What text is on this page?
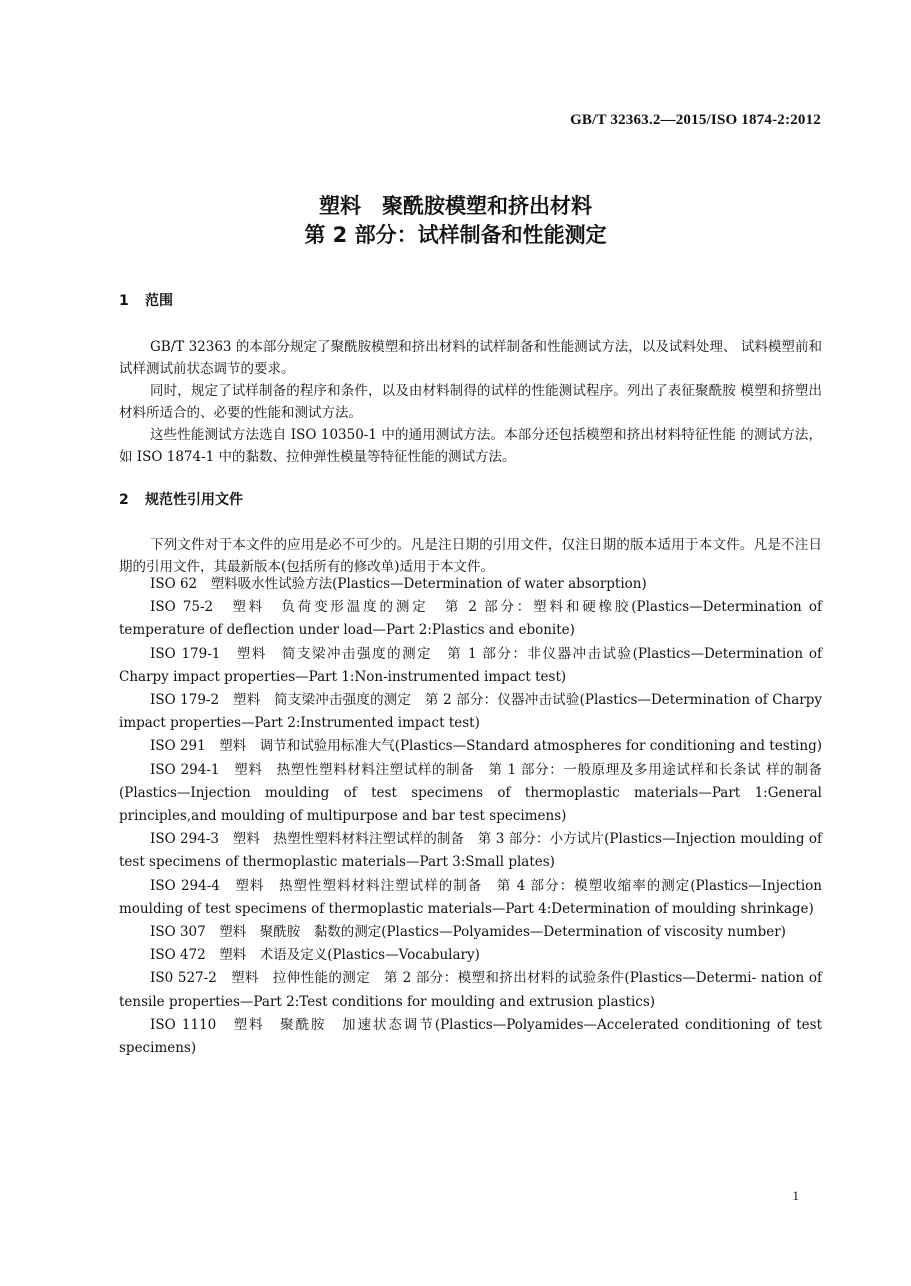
GB/T 32363.2—2015/ISO 1874-2:2012
塑料　聚酰胺模塑和挤出材料
第 2 部分：试样制备和性能测定
1 范围

GB/T 32363 的本部分规定了聚酰胺模塑和挤出材料的试样制备和性能测试方法，以及试料处理、 试料模塑前和试样测试前状态调节的要求。

同时，规定了试样制备的程序和条件，以及由材料制得的试样的性能测试程序。列出了表征聚酰胺 模塑和挤塑出材料所适合的、必要的性能和测试方法。

这些性能测试方法选自 ISO 10350-1 中的通用测试方法。本部分还包括模塑和挤出材料特征性能 的测试方法，如 ISO 1874-1 中的黏数、拉伸弹性模量等特征性能的测试方法。

2 规范性引用文件

下列文件对于本文件的应用是必不可少的。凡是注日期的引用文件，仅注日期的版本适用于本文件。凡是不注日期的引用文件，其最新版本(包括所有的修改单)适用于本文件。

ISO 62　塑料吸水性试验方法(Plastics—Determination of water absorption)

ISO 75-2　塑料　负荷变形温度的测定　第 2 部分：塑料和硬橡胶(Plastics—Determination of temperature of deflection under load—Part 2:Plastics and ebonite)

ISO 179-1　塑料　简支梁冲击强度的测定　第 1 部分：非仪器冲击试验(Plastics—Determination of Charpy impact properties—Part 1:Non-instrumented impact test)

ISO 179-2　塑料　简支梁冲击强度的测定　第 2 部分：仪器冲击试验(Plastics—Determination of Charpy impact properties—Part 2:Instrumented impact test)

ISO 291　塑料　调节和试验用标准大气(Plastics—Standard atmospheres for conditioning and testing)

ISO 294-1　塑料　热塑性塑料材料注塑试样的制备　第 1 部分：一般原理及多用途试样和长条试 样的制备(Plastics—Injection moulding of test specimens of thermoplastic materials—Part 1:General principles,and moulding of multipurpose and bar test specimens)

ISO 294-3　塑料　热塑性塑料材料注塑试样的制备　第 3 部分：小方试片(Plastics—Injection moulding of test specimens of thermoplastic materials—Part 3:Small plates)

ISO 294-4　塑料　热塑性塑料材料注塑试样的制备　第 4 部分：模塑收缩率的测定(Plastics—Injection moulding of test specimens of thermoplastic materials—Part 4:Determination of moulding shrinkage)

ISO 307　塑料　聚酰胺　黏数的测定(Plastics—Polyamides—Determination of viscosity number)

ISO 472　塑料　术语及定义(Plastics—Vocabulary)

IS0 527-2　塑料　拉伸性能的测定　第 2 部分：模塑和挤出材料的试验条件(Plastics—Determi- nation of tensile properties—Part 2:Test conditions for moulding and extrusion plastics)

ISO 1110　塑料　聚酰胺　加速状态调节(Plastics—Polyamides—Accelerated conditioning of test specimens)

1
